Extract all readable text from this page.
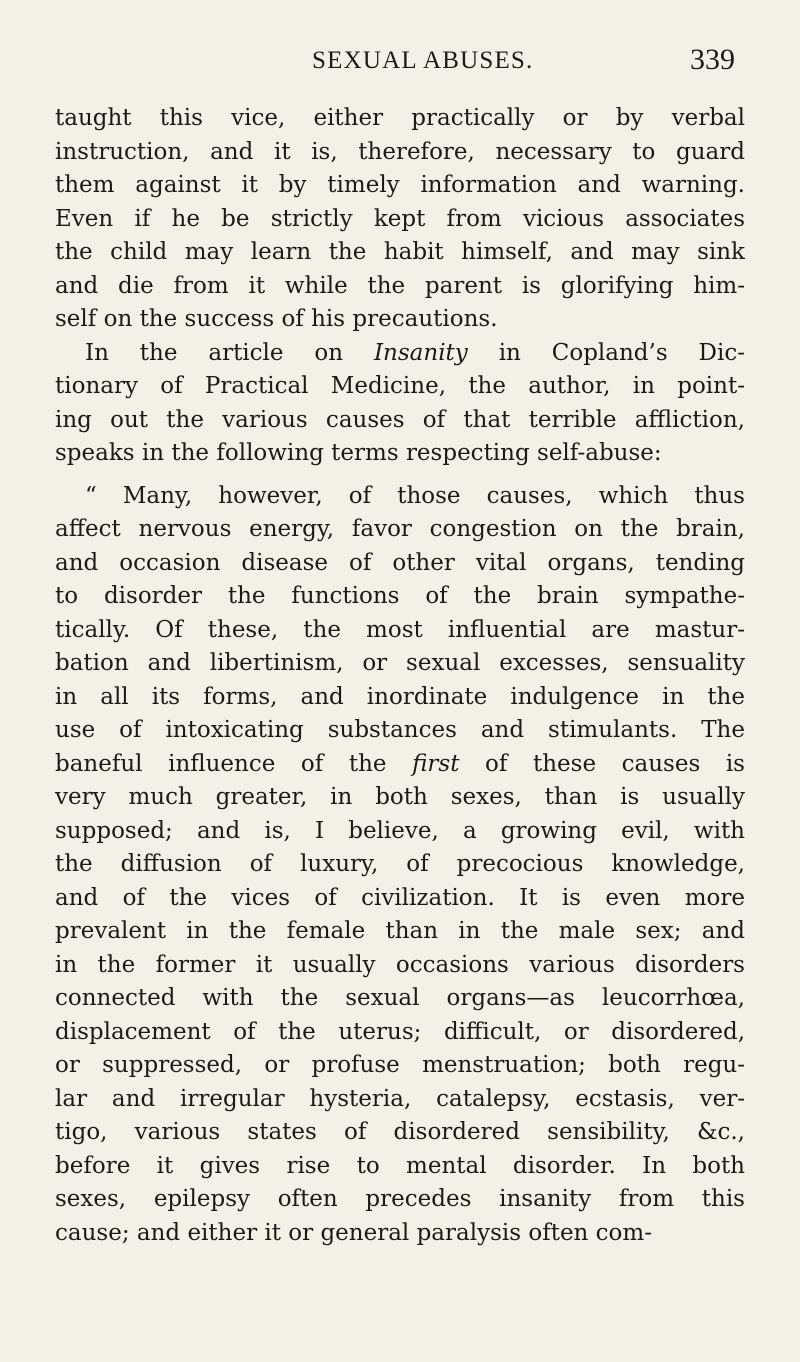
SEXUAL ABUSES.	339
taught this vice, either practically or by verbal
instruction, and it is, therefore, necessary to guard
them against it by timely information and warning.
Even if he be strictly kept from vicious associates
the child may learn the habit himself, and may sink
and die from it while the parent is glorifying him-
self on the success of his precautions.
In the article on Insanity in Copland’s Dic-
tionary of Practical Medicine, the author, in point-
ing out the various causes of that terrible affliction,
speaks in the following terms respecting self-abuse:
“ Many, however, of those causes, which thus
affect nervous energy, favor congestion on the brain,
and occasion disease of other vital organs, tending
to disorder the functions of the brain sympathe-
tically. Of these, the most influential are mastur-
bation and libertinism, or sexual excesses, sensuality
in all its forms, and inordinate indulgence in the
use of intoxicating substances and stimulants. The
baneful influence of the first of these causes is
very much greater, in both sexes, than is usually
supposed; and is, I believe, a growing evil, with
the diffusion of luxury, of precocious knowledge,
and of the vices of civilization. It is even more
prevalent in the female than in the male sex; and
in the former it usually occasions various disorders
connected with the sexual organs—as leucorrhœa,
displacement of the uterus; difficult, or disordered,
or suppressed, or profuse menstruation; both regu-
lar and irregular hysteria, catalepsy, ecstasis, ver-
tigo, various states of disordered sensibility, &c.,
before it gives rise to mental disorder. In both
sexes, epilepsy often precedes insanity from this
cause; and either it or general paralysis often com-
